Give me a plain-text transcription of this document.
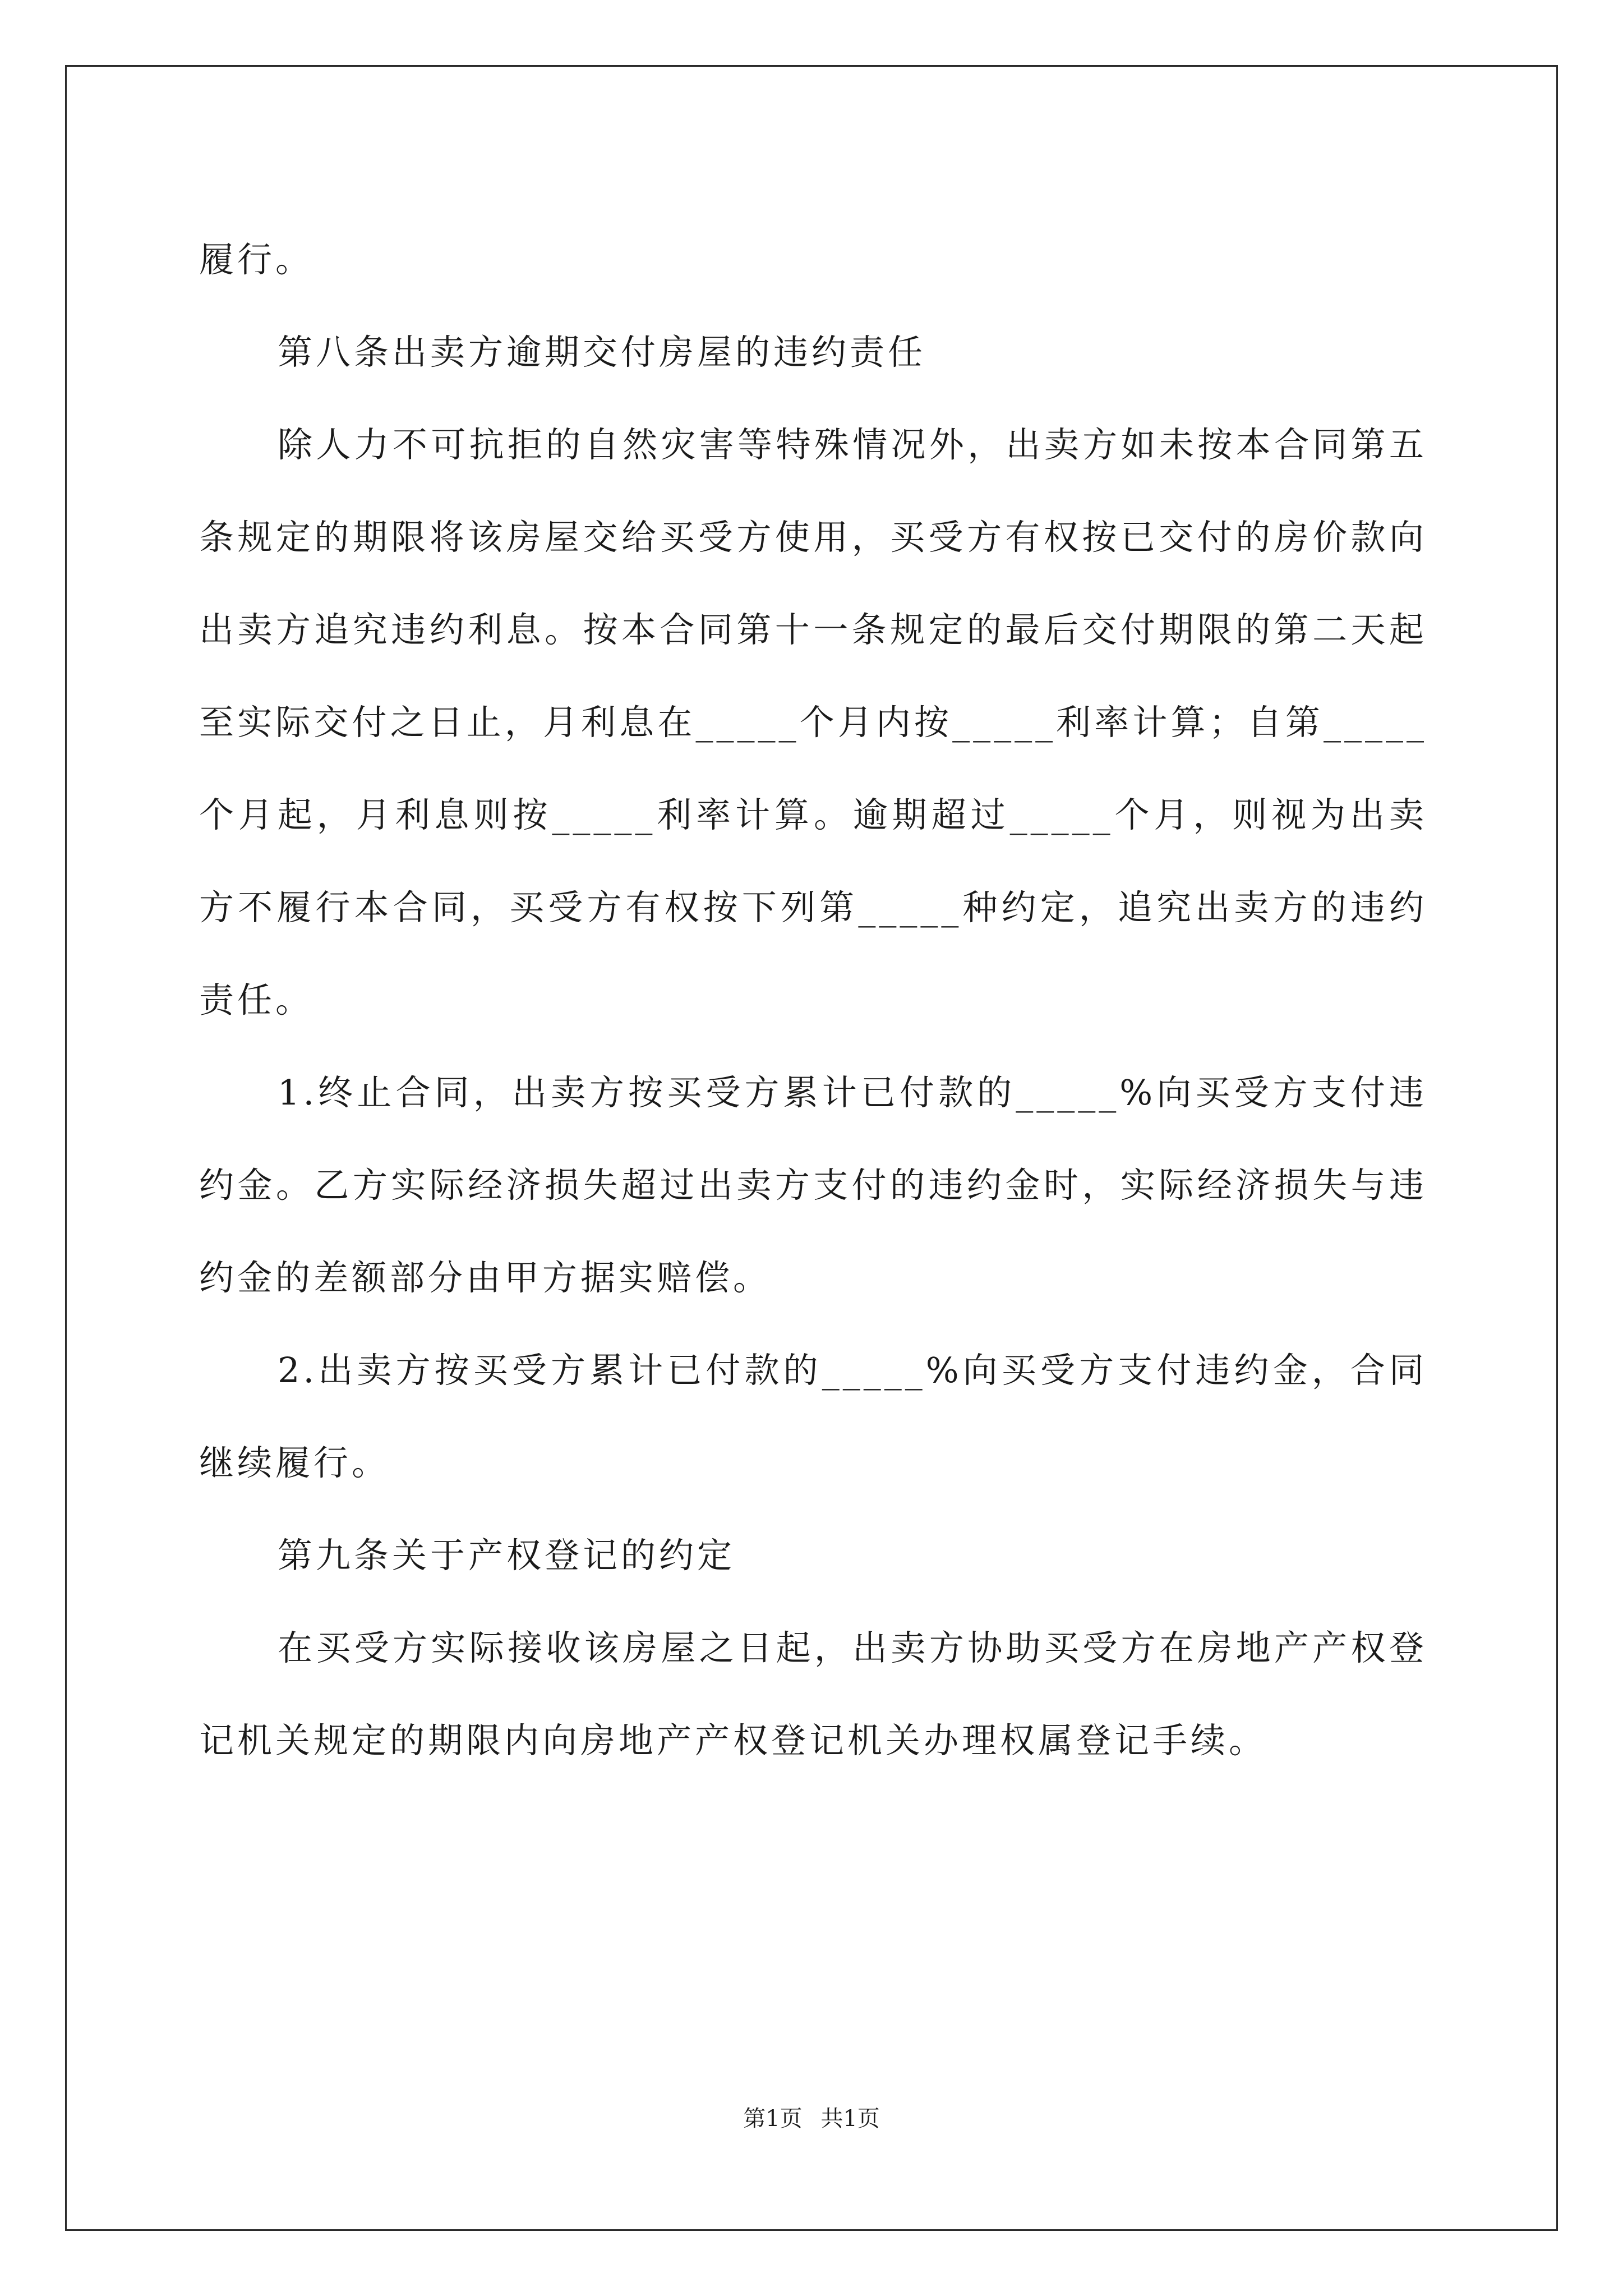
履行。

第八条出卖方逾期交付房屋的违约责任

除人力不可抗拒的自然灾害等特殊情况外，出卖方如未按本合同第五条规定的期限将该房屋交给买受方使用，买受方有权按已交付的房价款向出卖方追究违约利息。按本合同第十一条规定的最后交付期限的第二天起至实际交付之日止，月利息在_____个月内按_____利率计算；自第_____个月起，月利息则按_____利率计算。逾期超过_____个月，则视为出卖方不履行本合同，买受方有权按下列第_____种约定，追究出卖方的违约责任。

1.终止合同，出卖方按买受方累计已付款的_____%向买受方支付违约金。乙方实际经济损失超过出卖方支付的违约金时，实际经济损失与违约金的差额部分由甲方据实赔偿。

2.出卖方按买受方累计已付款的_____%向买受方支付违约金，合同继续履行。

第九条关于产权登记的约定

在买受方实际接收该房屋之日起，出卖方协助买受方在房地产产权登记机关规定的期限内向房地产产权登记机关办理权属登记手续。

第1页 共1页
